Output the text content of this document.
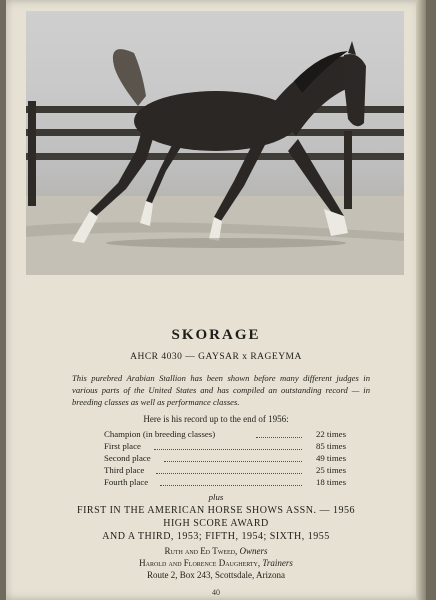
SKORAGE
AHCR 4030 — GAYSAR x RAGEYMA
This purebred Arabian Stallion has been shown before many different judges in various parts of the United States and has compiled an outstanding record — in breeding classes as well as performance classes.
Here is his record up to the end of 1956:
Champion (in breeding classes)	22 times
First place	85 times
Second place	49 times
Third place	25 times
Fourth place	18 times
plus
FIRST IN THE AMERICAN HORSE SHOWS ASSN. — 1956
HIGH SCORE AWARD
AND A THIRD, 1953; FIFTH, 1954; SIXTH, 1955
Ruth and Ed Tweed, Owners
Harold and Florence Daugherty, Trainers
Route 2, Box 243, Scottsdale, Arizona
40
